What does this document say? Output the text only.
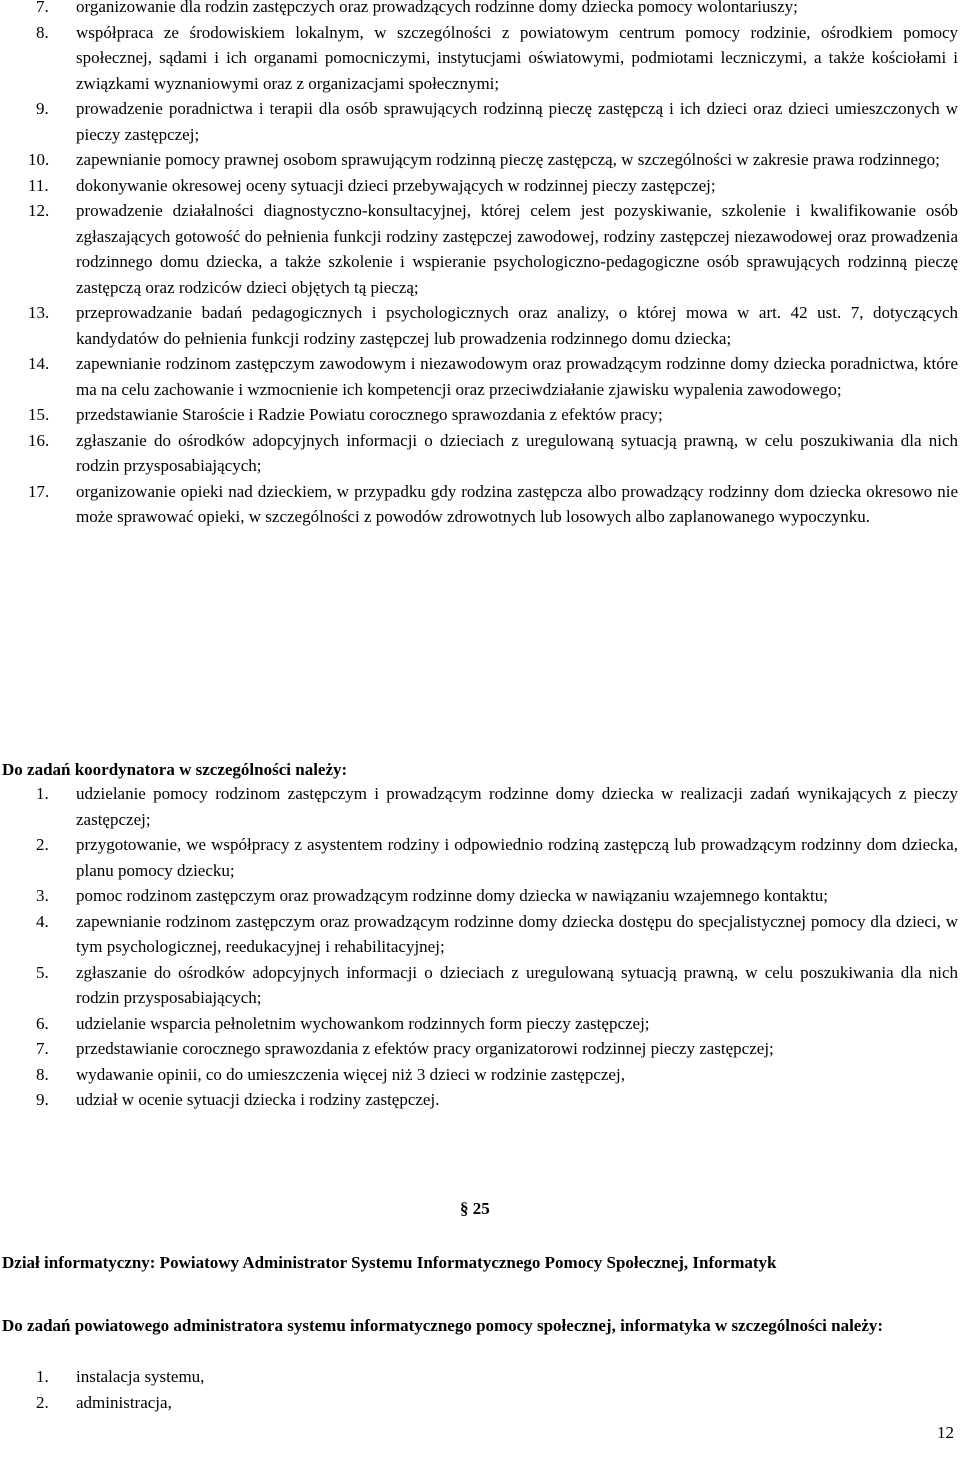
7. organizowanie dla rodzin zastępczych oraz prowadzących rodzinne domy dziecka pomocy wolontariuszy;
8. współpraca ze środowiskiem lokalnym, w szczególności z powiatowym centrum pomocy rodzinie, ośrodkiem pomocy społecznej, sądami i ich organami pomocniczymi, instytucjami oświatowymi, podmiotami leczniczymi, a także kościołami i związkami wyznaniowymi oraz z organizacjami społecznymi;
9. prowadzenie poradnictwa i terapii dla osób sprawujących rodzinną pieczę zastępczą i ich dzieci oraz dzieci umieszczonych w pieczy zastępczej;
10. zapewnianie pomocy prawnej osobom sprawującym rodzinną pieczę zastępczą, w szczególności w zakresie prawa rodzinnego;
11. dokonywanie okresowej oceny sytuacji dzieci przebywających w rodzinnej pieczy zastępczej;
12. prowadzenie działalności diagnostyczno-konsultacyjnej, której celem jest pozyskiwanie, szkolenie i kwalifikowanie osób zgłaszających gotowość do pełnienia funkcji rodziny zastępczej zawodowej, rodziny zastępczej niezawodowej oraz prowadzenia rodzinnego domu dziecka, a także szkolenie i wspieranie psychologiczno-pedagogiczne osób sprawujących rodzinną pieczę zastępczą oraz rodziców dzieci objętych tą pieczą;
13. przeprowadzanie badań pedagogicznych i psychologicznych oraz analizy, o której mowa w art. 42 ust. 7, dotyczących kandydatów do pełnienia funkcji rodziny zastępczej lub prowadzenia rodzinnego domu dziecka;
14. zapewnianie rodzinom zastępczym zawodowym i niezawodowym oraz prowadzącym rodzinne domy dziecka poradnictwa, które ma na celu zachowanie i wzmocnienie ich kompetencji oraz przeciwdziałanie zjawisku wypalenia zawodowego;
15. przedstawianie Staroście i Radzie Powiatu corocznego sprawozdania z efektów pracy;
16. zgłaszanie do ośrodków adopcyjnych informacji o dzieciach z uregulowaną sytuacją prawną, w celu poszukiwania dla nich rodzin przysposabiających;
17. organizowanie opieki nad dzieckiem, w przypadku gdy rodzina zastępcza albo prowadzący rodzinny dom dziecka okresowo nie może sprawować opieki, w szczególności z powodów zdrowotnych lub losowych albo zaplanowanego wypoczynku.

Do zadań koordynatora w szczególności należy:

1. udzielanie pomocy rodzinom zastępczym i prowadzącym rodzinne domy dziecka w realizacji zadań wynikających z pieczy zastępczej;
2. przygotowanie, we współpracy z asystentem rodziny i odpowiednio rodziną zastępczą lub prowadzącym rodzinny dom dziecka, planu pomocy dziecku;
3. pomoc rodzinom zastępczym oraz prowadzącym rodzinne domy dziecka w nawiązaniu wzajemnego kontaktu;
4. zapewnianie rodzinom zastępczym oraz prowadzącym rodzinne domy dziecka dostępu do specjalistycznej pomocy dla dzieci, w tym psychologicznej, reedukacyjnej i rehabilitacyjnej;
5. zgłaszanie do ośrodków adopcyjnych informacji o dzieciach z uregulowaną sytuacją prawną, w celu poszukiwania dla nich rodzin przysposabiających;
6. udzielanie wsparcia pełnoletnim wychowankom rodzinnych form pieczy zastępczej;
7. przedstawianie corocznego sprawozdania z efektów pracy organizatorowi rodzinnej pieczy zastępczej;
8. wydawanie opinii, co do umieszczenia więcej niż 3 dzieci w rodzinie zastępczej,
9. udział w ocenie sytuacji dziecka i rodziny zastępczej.
§ 25

Dział informatyczny: Powiatowy Administrator Systemu Informatycznego Pomocy Społecznej, Informatyk

Do zadań powiatowego administratora systemu informatycznego pomocy społecznej, informatyka w szczególności należy:

1. instalacja systemu,
2. administracja,
12
